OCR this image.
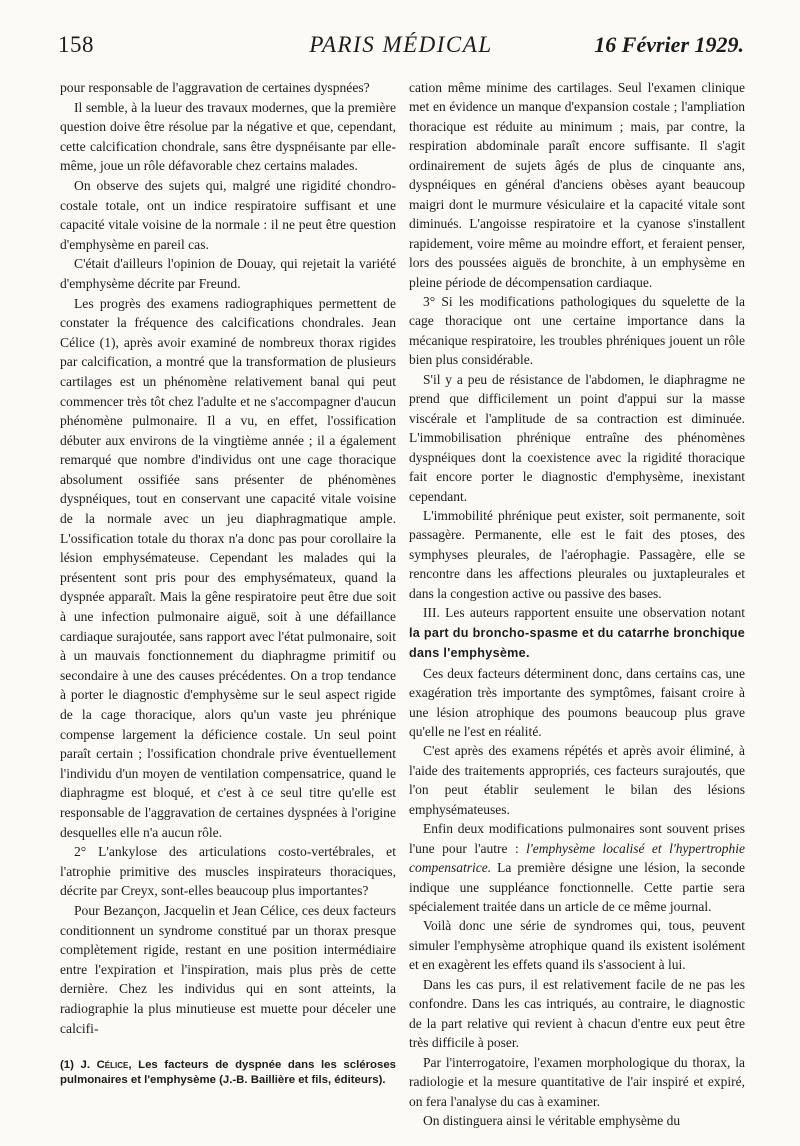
158	PARIS MÉDICAL	16 Février 1929.

pour responsable de l'aggravation de certaines dyspnées?

Il semble, à la lueur des travaux modernes, que la première question doive être résolue par la négative et que, cependant, cette calcification chondrale, sans être dyspnéisante par elle-même, joue un rôle défavorable chez certains malades.

On observe des sujets qui, malgré une rigidité chondro-costale totale, ont un indice respiratoire suffisant et une capacité vitale voisine de la normale : il ne peut être question d'emphysème en pareil cas.

C'était d'ailleurs l'opinion de Douay, qui rejetait la variété d'emphysème décrite par Freund.

Les progrès des examens radiographiques permettent de constater la fréquence des calcifications chondrales. Jean Célice (1), après avoir examiné de nombreux thorax rigides par calcification, a montré que la transformation de plusieurs cartilages est un phénomène relativement banal qui peut commencer très tôt chez l'adulte et ne s'accompagner d'aucun phénomène pulmonaire. Il a vu, en effet, l'ossification débuter aux environs de la vingtième année ; il a également remarqué que nombre d'individus ont une cage thoracique absolument ossifiée sans présenter de phénomènes dyspnéiques, tout en conservant une capacité vitale voisine de la normale avec un jeu diaphragmatique ample. L'ossification totale du thorax n'a donc pas pour corollaire la lésion emphysémateuse. Cependant les malades qui la présentent sont pris pour des emphysémateux, quand la dyspnée apparaît. Mais la gêne respiratoire peut être due soit à une infection pulmonaire aiguë, soit à une défaillance cardiaque surajoutée, sans rapport avec l'état pulmonaire, soit à un mauvais fonctionnement du diaphragme primitif ou secondaire à une des causes précédentes. On a trop tendance à porter le diagnostic d'emphysème sur le seul aspect rigide de la cage thoracique, alors qu'un vaste jeu phrénique compense largement la déficience costale. Un seul point paraît certain ; l'ossification chondrale prive éventuellement l'individu d'un moyen de ventilation compensatrice, quand le diaphragme est bloqué, et c'est à ce seul titre qu'elle est responsable de l'aggravation de certaines dyspnées à l'origine desquelles elle n'a aucun rôle.

2° L'ankylose des articulations costo-vertébrales, et l'atrophie primitive des muscles inspirateurs thoraciques, décrite par Creyx, sont-elles beaucoup plus importantes?

Pour Bezançon, Jacquelin et Jean Célice, ces deux facteurs conditionnent un syndrome constitué par un thorax presque complètement rigide, restant en une position intermédiaire entre l'expiration et l'inspiration, mais plus près de cette dernière. Chez les individus qui en sont atteints, la radiographie la plus minutieuse est muette pour déceler une calcifi-

cation même minime des cartilages. Seul l'examen clinique met en évidence un manque d'expansion costale ; l'ampliation thoracique est réduite au minimum ; mais, par contre, la respiration abdominale paraît encore suffisante. Il s'agit ordinairement de sujets âgés de plus de cinquante ans, dyspnéiques en général d'anciens obèses ayant beaucoup maigri dont le murmure vésiculaire et la capacité vitale sont diminués. L'angoisse respiratoire et la cyanose s'installent rapidement, voire même au moindre effort, et feraient penser, lors des poussées aiguës de bronchite, à un emphysème en pleine période de décompensation cardiaque.

3° Si les modifications pathologiques du squelette de la cage thoracique ont une certaine importance dans la mécanique respiratoire, les troubles phréniques jouent un rôle bien plus considérable.

S'il y a peu de résistance de l'abdomen, le diaphragme ne prend que difficilement un point d'appui sur la masse viscérale et l'amplitude de sa contraction est diminuée. L'immobilisation phrénique entraîne des phénomènes dyspnéiques dont la coexistence avec la rigidité thoracique fait encore porter le diagnostic d'emphysème, inexistant cependant.

L'immobilité phrénique peut exister, soit permanente, soit passagère. Permanente, elle est le fait des ptoses, des symphyses pleurales, de l'aérophagie. Passagère, elle se rencontre dans les affections pleurales ou juxtapleurales et dans la congestion active ou passive des bases.

III. Les auteurs rapportent ensuite une observation notant la part du broncho-spasme et du catarrhe bronchique dans l'emphysème.

Ces deux facteurs déterminent donc, dans certains cas, une exagération très importante des symptômes, faisant croire à une lésion atrophique des poumons beaucoup plus grave qu'elle ne l'est en réalité.

C'est après des examens répétés et après avoir éliminé, à l'aide des traitements appropriés, ces facteurs surajoutés, que l'on peut établir seulement le bilan des lésions emphysémateuses.

Enfin deux modifications pulmonaires sont souvent prises l'une pour l'autre : l'emphysème localisé et l'hypertrophie compensatrice. La première désigne une lésion, la seconde indique une suppléance fonctionnelle. Cette partie sera spécialement traitée dans un article de ce même journal.

Voilà donc une série de syndromes qui, tous, peuvent simuler l'emphysème atrophique quand ils existent isolément et en exagèrent les effets quand ils s'associent à lui.

Dans les cas purs, il est relativement facile de ne pas les confondre. Dans les cas intriqués, au contraire, le diagnostic de la part relative qui revient à chacun d'entre eux peut être très difficile à poser.

Par l'interrogatoire, l'examen morphologique du thorax, la radiologie et la mesure quantitative de l'air inspiré et expiré, on fera l'analyse du cas à examiner.

On distinguera ainsi le véritable emphysème du

(1) J. Célice, Les facteurs de dyspnée dans les scléroses pulmonaires et l'emphysème (J.-B. Baillière et fils, éditeurs).
